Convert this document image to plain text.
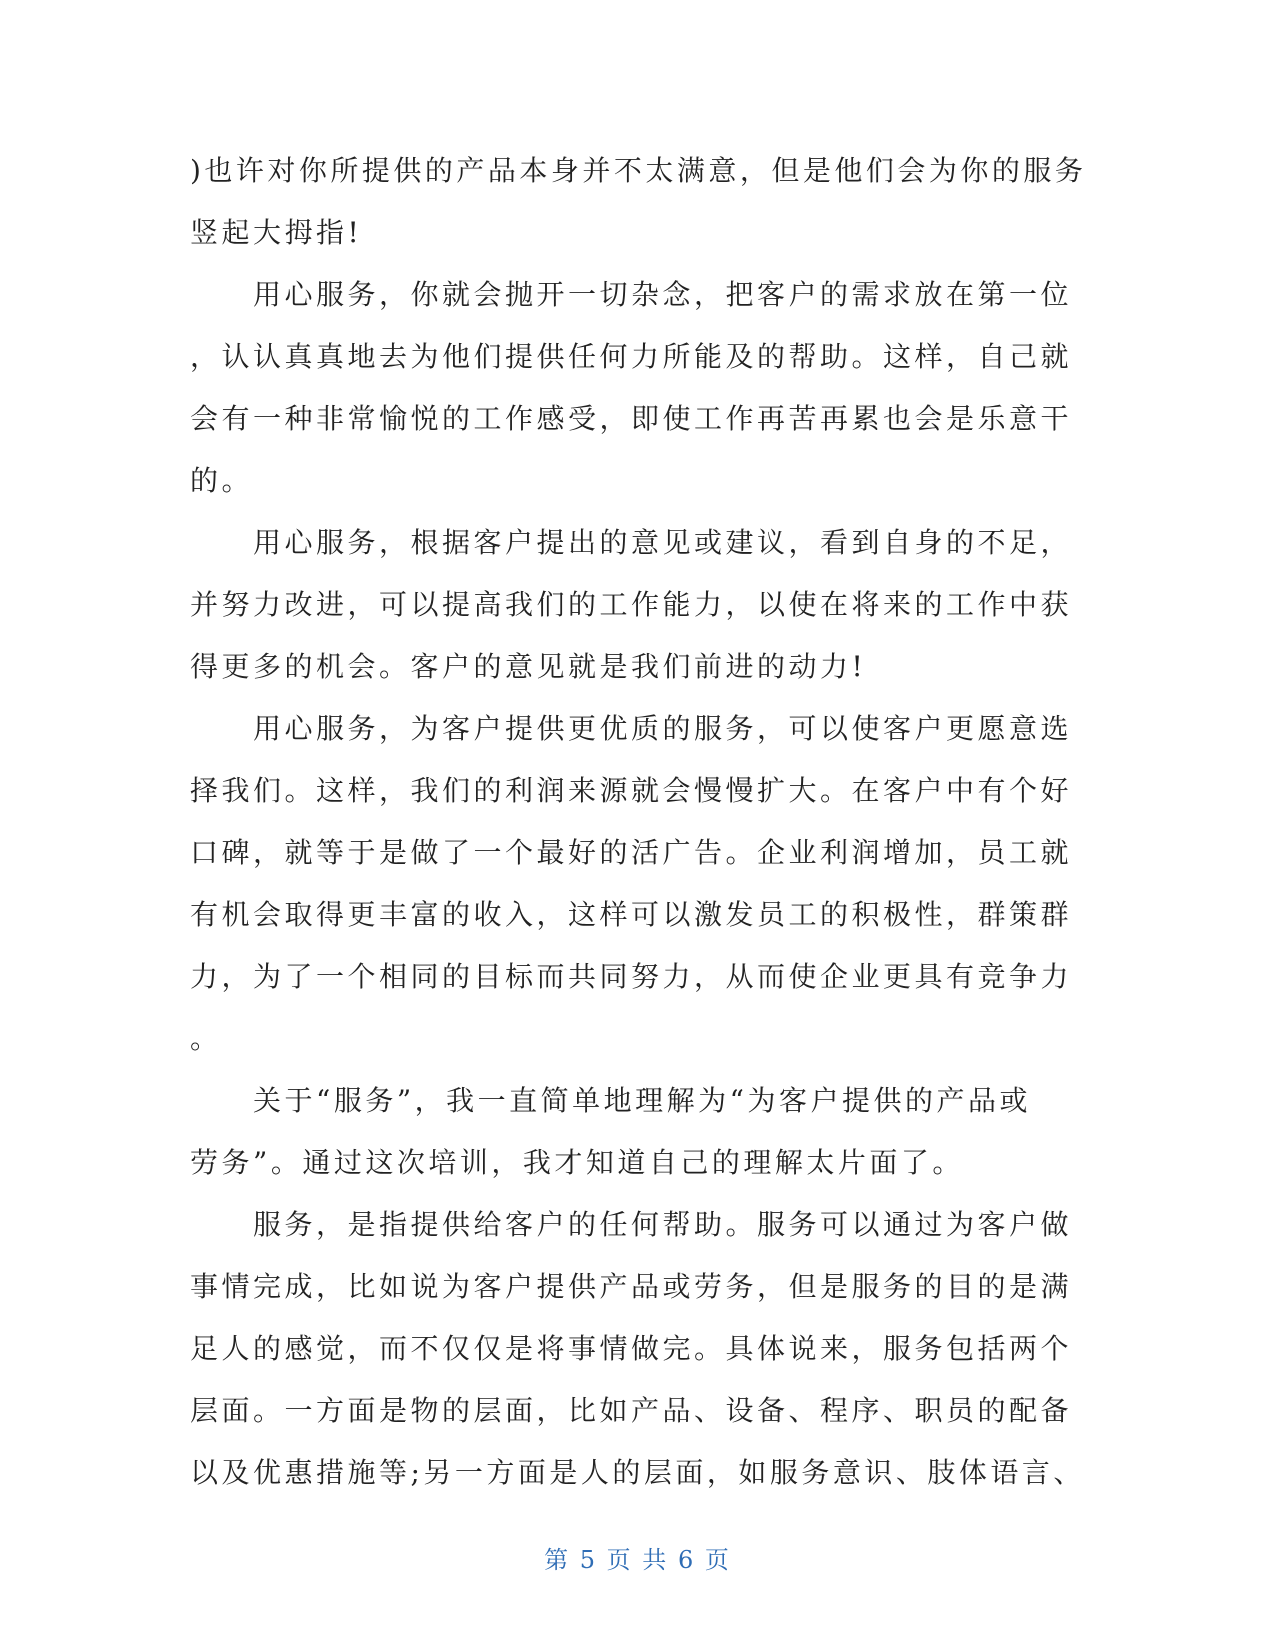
)也许对你所提供的产品本身并不太满意，但是他们会为你的服务
竖起大拇指!
　　用心服务，你就会抛开一切杂念，把客户的需求放在第一位
，认认真真地去为他们提供任何力所能及的帮助。这样，自己就
会有一种非常愉悦的工作感受，即使工作再苦再累也会是乐意干
的。
　　用心服务，根据客户提出的意见或建议，看到自身的不足，
并努力改进，可以提高我们的工作能力，以使在将来的工作中获
得更多的机会。客户的意见就是我们前进的动力!
　　用心服务，为客户提供更优质的服务，可以使客户更愿意选
择我们。这样，我们的利润来源就会慢慢扩大。在客户中有个好
口碑，就等于是做了一个最好的活广告。企业利润增加，员工就
有机会取得更丰富的收入，这样可以激发员工的积极性，群策群
力，为了一个相同的目标而共同努力，从而使企业更具有竞争力
。
　　关于“服务”，我一直简单地理解为“为客户提供的产品或
劳务”。通过这次培训，我才知道自己的理解太片面了。
　　服务，是指提供给客户的任何帮助。服务可以通过为客户做
事情完成，比如说为客户提供产品或劳务，但是服务的目的是满
足人的感觉，而不仅仅是将事情做完。具体说来，服务包括两个
层面。一方面是物的层面，比如产品、设备、程序、职员的配备
以及优惠措施等;另一方面是人的层面，如服务意识、肢体语言、
第 5 页 共 6 页
